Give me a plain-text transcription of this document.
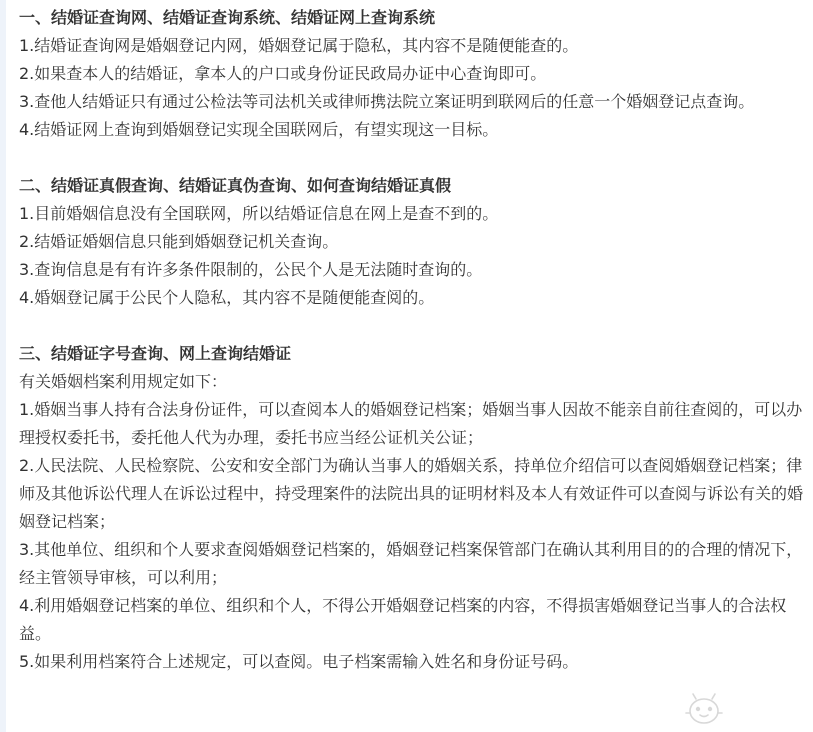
一、结婚证查询网、结婚证查询系统、结婚证网上查询系统

1.结婚证查询网是婚姻登记内网，婚姻登记属于隐私，其内容不是随便能查的。

2.如果查本人的结婚证，拿本人的户口或身份证民政局办证中心查询即可。

3.查他人结婚证只有通过公检法等司法机关或律师携法院立案证明到联网后的任意一个婚姻登记点查询。

4.结婚证网上查询到婚姻登记实现全国联网后，有望实现这一目标。

二、结婚证真假查询、结婚证真伪查询、如何查询结婚证真假

1.目前婚姻信息没有全国联网，所以结婚证信息在网上是查不到的。

2.结婚证婚姻信息只能到婚姻登记机关查询。

3.查询信息是有有许多条件限制的，公民个人是无法随时查询的。

4.婚姻登记属于公民个人隐私，其内容不是随便能查阅的。

三、结婚证字号查询、网上查询结婚证

有关婚姻档案利用规定如下：

1.婚姻当事人持有合法身份证件，可以查阅本人的婚姻登记档案；婚姻当事人因故不能亲自前往查阅的，可以办理授权委托书，委托他人代为办理，委托书应当经公证机关公证；

2.人民法院、人民检察院、公安和安全部门为确认当事人的婚姻关系，持单位介绍信可以查阅婚姻登记档案；律师及其他诉讼代理人在诉讼过程中，持受理案件的法院出具的证明材料及本人有效证件可以查阅与诉讼有关的婚姻登记档案；

3.其他单位、组织和个人要求查阅婚姻登记档案的，婚姻登记档案保管部门在确认其利用目的的合理的情况下，经主管领导审核，可以利用；

4.利用婚姻登记档案的单位、组织和个人，不得公开婚姻登记档案的内容，不得损害婚姻登记当事人的合法权益。

5.如果利用档案符合上述规定，可以查阅。电子档案需输入姓名和身份证号码。
